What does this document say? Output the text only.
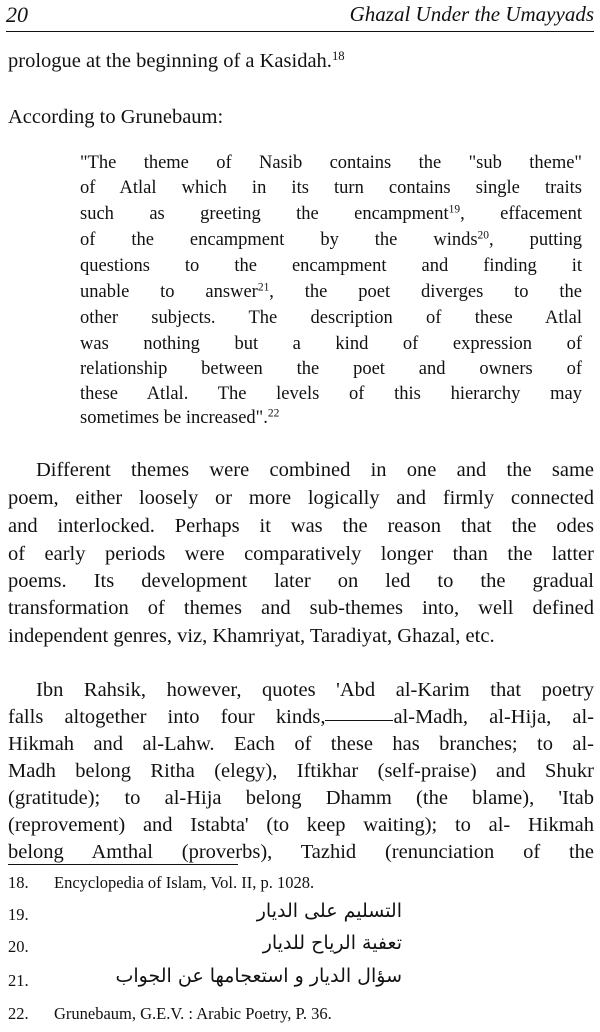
20	Ghazal Under the Umayyads
prologue at the beginning of a Kasidah.$^{18}$
According to Grunebaum:
"The theme of Nasib contains the "sub theme"
of Atlal which in its turn contains single traits
such as greeting the encampment$^{19}$, effacement
of the encampment by the winds$^{20}$, putting
questions to the encampment and finding it
unable to answer$^{21}$, the poet diverges to the
other subjects. The description of these Atlal
was nothing but a kind of expression of
relationship between the poet and owners of
these Atlal. The levels of this hierarchy may
sometimes be increased".$^{22}$
Different themes were combined in one and the same
poem, either loosely or more logically and firmly connected
and interlocked. Perhaps it was the reason that the odes
of early periods were comparatively longer than the latter
poems. Its development later on led to the gradual
transformation of themes and sub-themes into, well defined
independent genres, viz, Khamriyat, Taradiyat, Ghazal, etc.
Ibn Rahsik, however, quotes 'Abd al-Karim that poetry
falls altogether into four kinds,	al-Madh, al-Hija, al-
Hikmah and al-Lahw. Each of these has branches; to al-
Madh belong Ritha (elegy), Iftikhar (self-praise) and Shukr
(gratitude); to al-Hija belong Dhamm (the blame), 'Itab
(reprovement) and Istabta' (to keep waiting); to al- Hikmah
belong Amthal (proverbs), Tazhid (renunciation of the
18. Encyclopedia of Islam, Vol. II, p. 1028.
19.	التسليم على الديار
20.	تعفية الرياح للديار
21.	سؤال الديار و استعجامها عن الجواب
22. Grunebaum, G.E.V. : Arabic Poetry, P. 36.
